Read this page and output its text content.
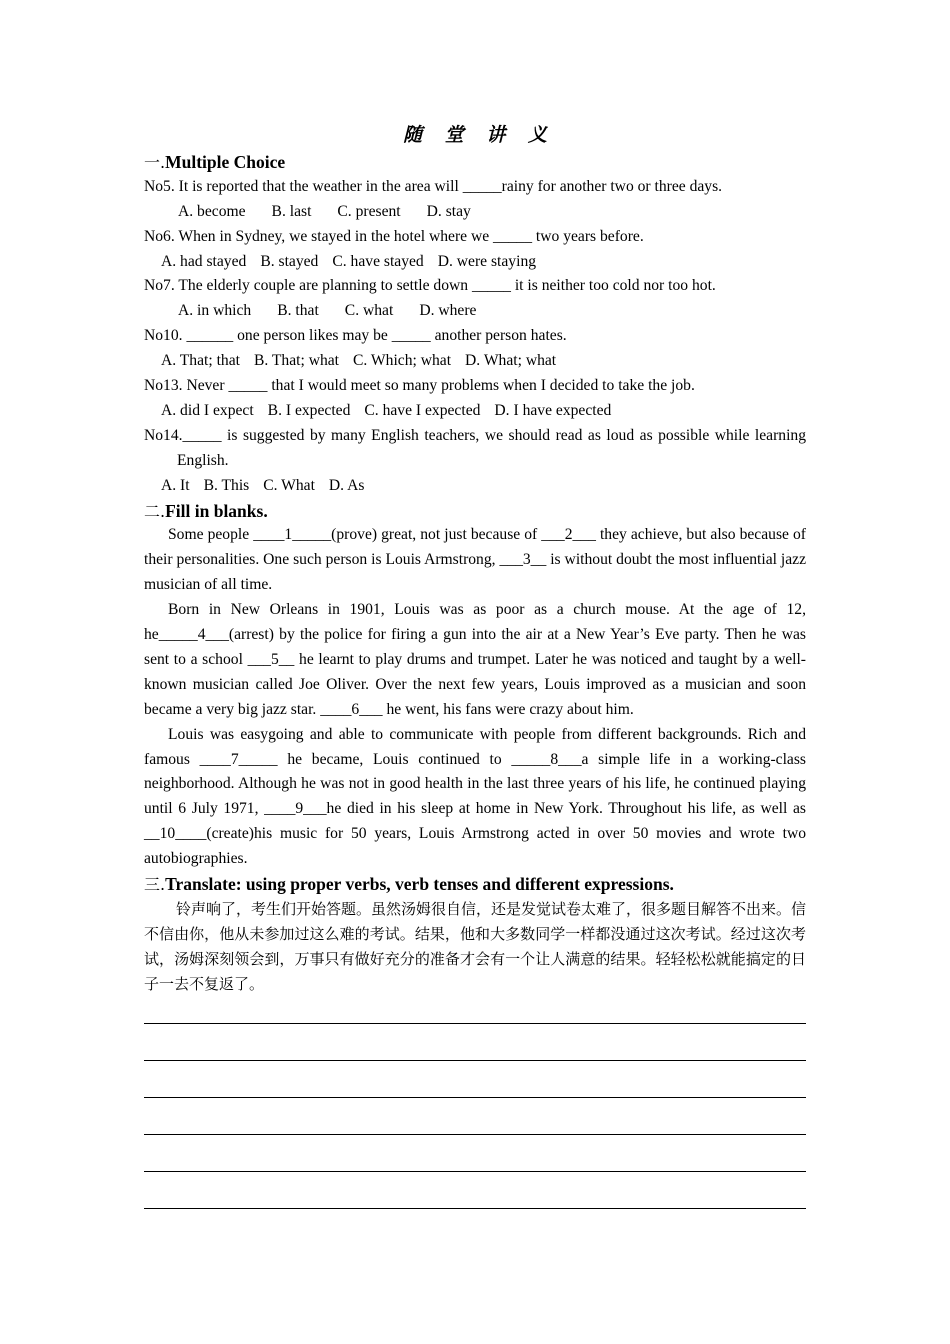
随 堂 讲 义
一.Multiple Choice
No5. It is reported that the weather in the area will _____rainy for another two or three days.
A. become B. last C. present D. stay
No6. When in Sydney, we stayed in the hotel where we _____ two years before.
A. had stayed B. stayed C. have stayed D. were staying
No7. The elderly couple are planning to settle down _____ it is neither too cold nor too hot.
A. in which B. that C. what D. where
No10. ______ one person likes may be _____ another person hates.
A. That; that B. That; what C. Which; what D. What; what
No13. Never _____ that I would meet so many problems when I decided to take the job.
A. did I expect B. I expected C. have I expected D. I have expected

No14._____ is suggested by many English teachers, we should read as loud as possible while learning English.

A. It B. This C. What D. As
二.Fill in blanks.

Some people ____1_____(prove) great, not just because of ___2___ they achieve, but also because of their personalities. One such person is Louis Armstrong, ___3__ is without doubt the most influential jazz musician of all time.

Born in New Orleans in 1901, Louis was as poor as a church mouse. At the age of 12, he_____4___(arrest) by the police for firing a gun into the air at a New Year’s Eve party. Then he was sent to a school ___5__ he learnt to play drums and trumpet. Later he was noticed and taught by a well-known musician called Joe Oliver. Over the next few years, Louis improved as a musician and soon became a very big jazz star. ____6___ he went, his fans were crazy about him.

Louis was easygoing and able to communicate with people from different backgrounds. Rich and famous ____7_____ he became, Louis continued to _____8___a simple life in a working-class neighborhood. Although he was not in good health in the last three years of his life, he continued playing until 6 July 1971, ____9___he died in his sleep at home in New York. Throughout his life, as well as __10____(create)his music for 50 years, Louis Armstrong acted in over 50 movies and wrote two autobiographies.

三.Translate: using proper verbs, verb tenses and different expressions.

铃声响了，考生们开始答题。虽然汤姆很自信，还是发觉试卷太难了，很多题目解答不出来。信不信由你，他从未参加过这么难的考试。结果，他和大多数同学一样都没通过这次考试。经过这次考试，汤姆深刻领会到，万事只有做好充分的准备才会有一个让人满意的结果。轻轻松松就能搞定的日子一去不复返了。
